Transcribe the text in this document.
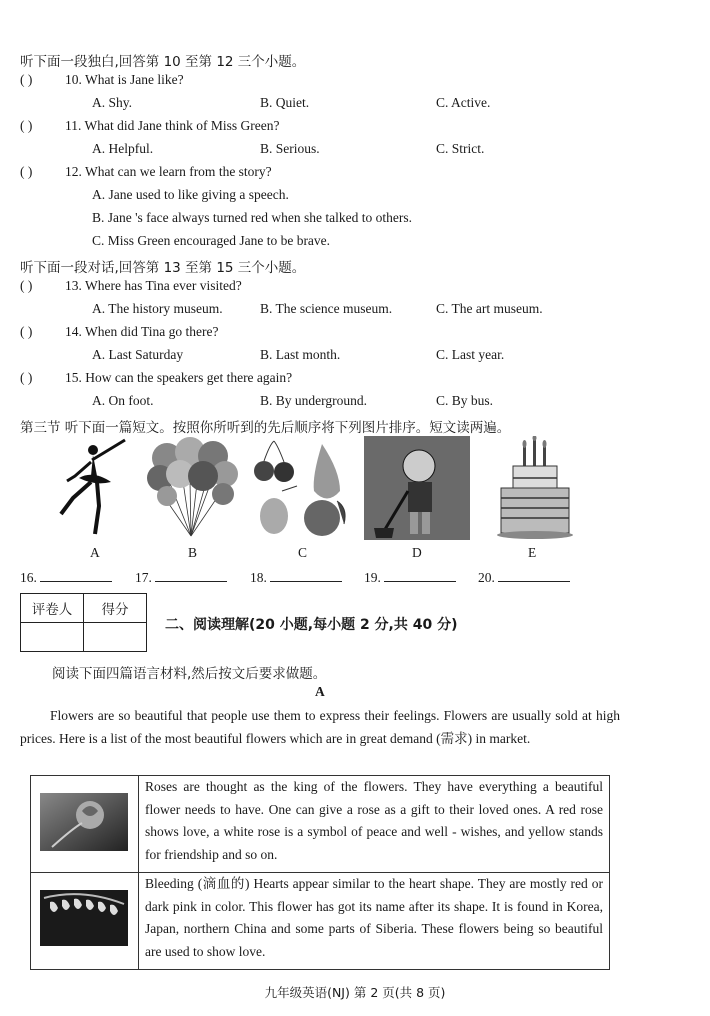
听下面一段独白,回答第 10 至第 12 三个小题。
( ) 10. What is Jane like?
A. Shy.	B. Quiet.	C. Active.
( ) 11. What did Jane think of Miss Green?
A. Helpful.	B. Serious.	C. Strict.
( ) 12. What can we learn from the story?
A. Jane used to like giving a speech.
B. Jane 's face always turned red when she talked to others.
C. Miss Green encouraged Jane to be brave.
听下面一段对话,回答第 13 至第 15 三个小题。
( ) 13. Where has Tina ever visited?
A. The history museum.	B. The science museum.	C. The art museum.
( ) 14. When did Tina go there?
A. Last Saturday	B. Last month.	C. Last year.
( ) 15. How can the speakers get there again?
A. On foot.	B. By underground.	C. By bus.
第三节 听下面一篇短文。按照你所听到的先后顺序将下列图片排序。短文读两遍。
A	B	C	D	E
16.	17.	18.	19.	20.
评卷人	得分

二、阅读理解(20 小题,每小题 2 分,共 40 分)
阅读下面四篇语言材料,然后按文后要求做题。
A
Flowers are so beautiful that people use them to express their feelings. Flowers are usually sold at high prices. Here is a list of the most beautiful flowers which are in great demand (需求) in market.
	Roses are thought as the king of the flowers. They have everything a beautiful flower needs to have. One can give a rose as a gift to their loved ones. A red rose shows love, a white rose is a symbol of peace and well - wishes, and yellow stands for friendship and so on.
	Bleeding (滴血的) Hearts appear similar to the heart shape. They are mostly red or dark pink in color. This flower has got its name after its shape. It is found in Korea, Japan, northern China and some parts of Siberia. These flowers being so beautiful are used to show love.
九年级英语(NJ) 第 2 页(共 8 页)
